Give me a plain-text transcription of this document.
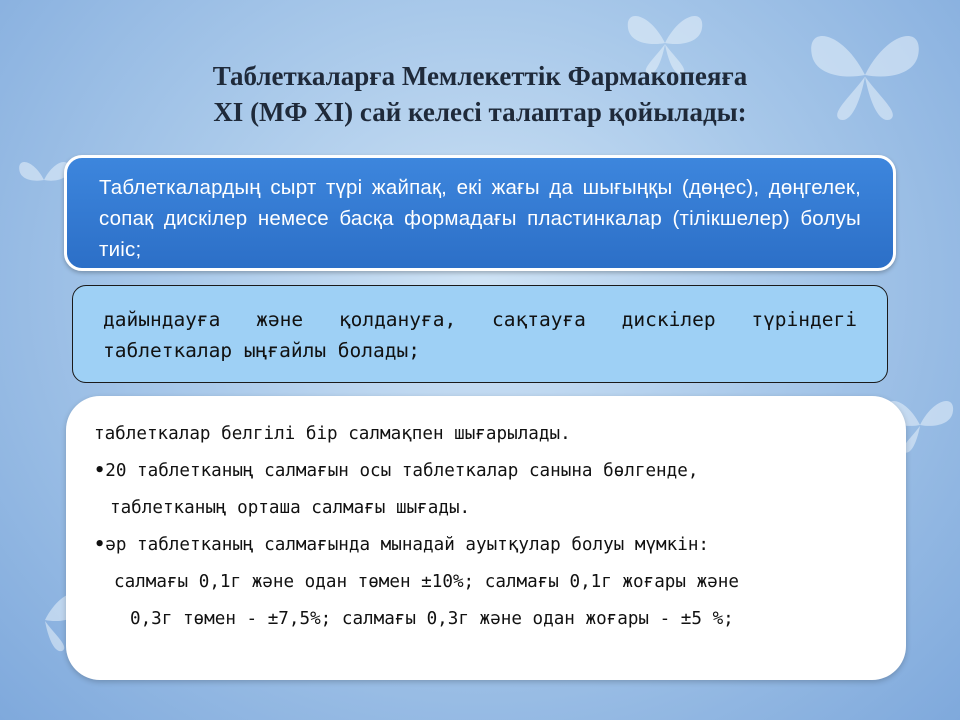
Таблеткаларға Мемлекеттік Фармакопеяға
XI (МФ XI) сай келесі талаптар қойылады:

Таблеткалардың сырт түрі жайпақ, екі жағы да шығыңқы (дөңес), дөңгелек, сопақ дискілер немесе басқа формадағы пластинкалар (тілікшелер) болуы тиіс;

дайындауға және қолдануға, сақтауға дискілер түріндегі таблеткалар ыңғайлы болады;

таблеткалар белгілі бір салмақпен шығарылады.

•20 таблетканың салмағын осы таблеткалар санына бөлгенде,

таблетканың орташа салмағы шығады.

•әр таблетканың салмағында мынадай ауытқулар болуы мүмкін:

салмағы 0,1г және одан төмен ±10%; салмағы 0,1г жоғары және

0,3г төмен - ±7,5%; салмағы 0,3г және одан жоғары - ±5 %;
